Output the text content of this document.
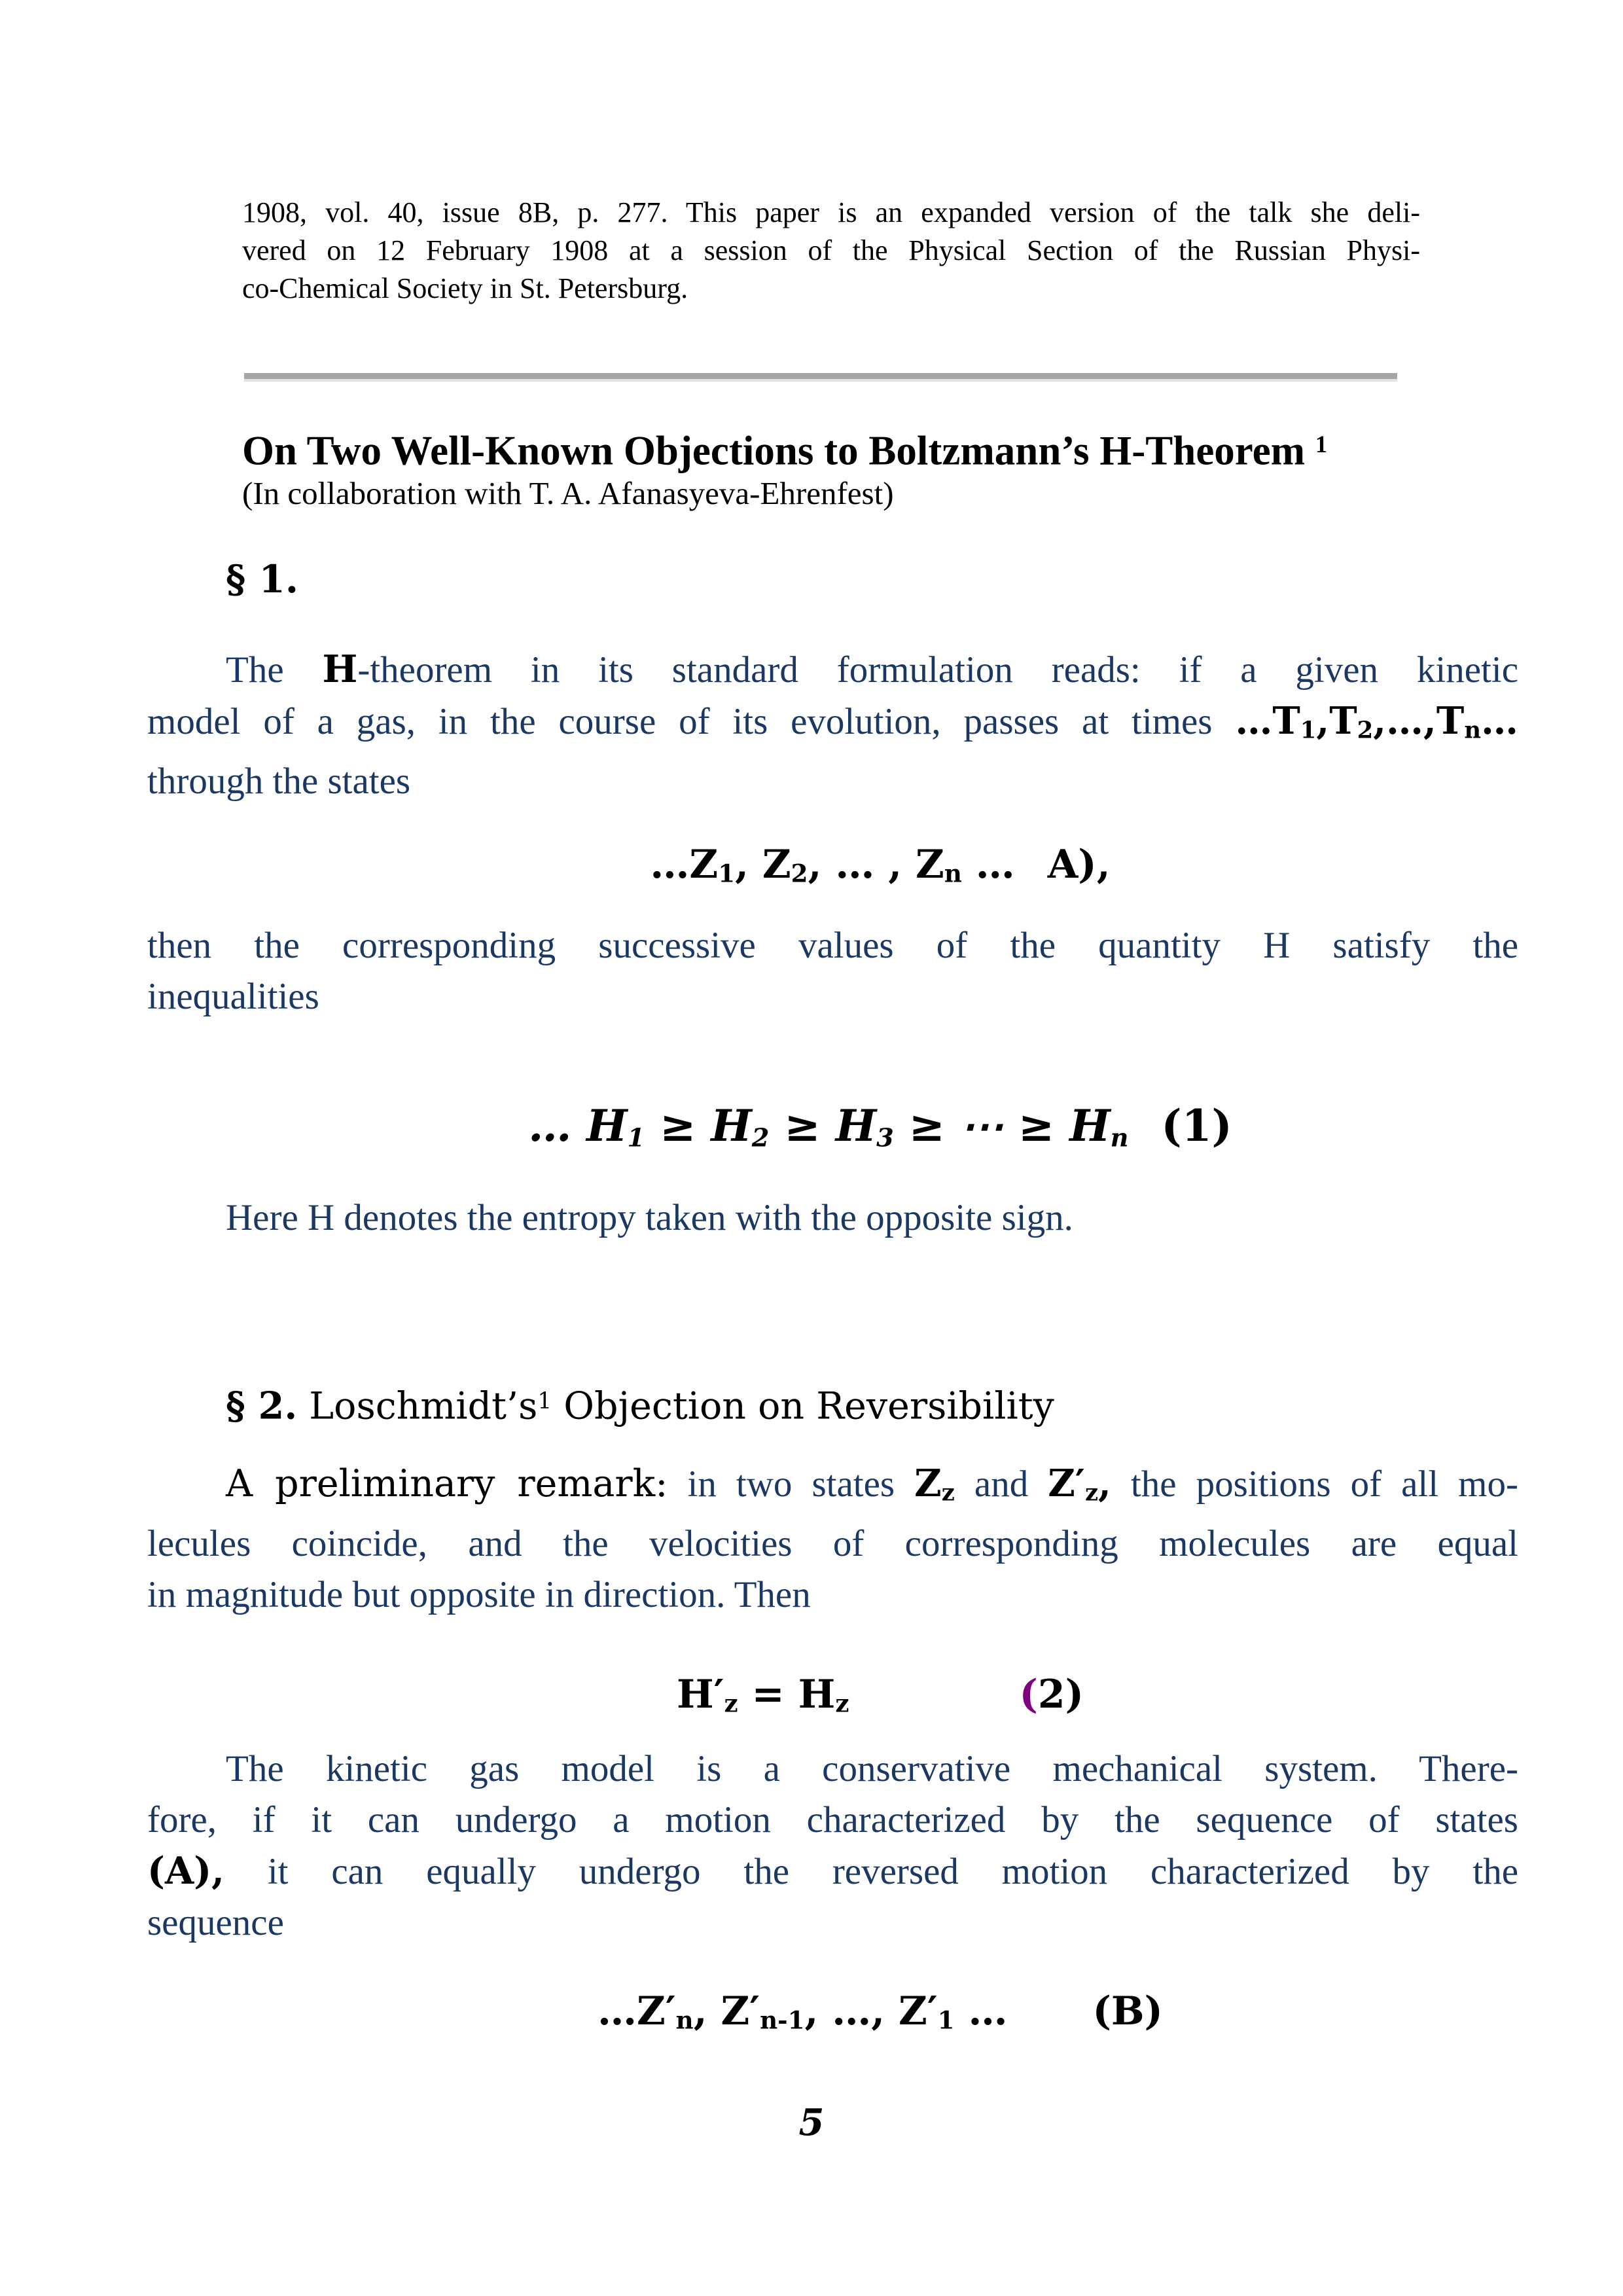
1908, vol. 40, issue 8B, p. 277. This paper is an expanded version of the talk she deli-
vered on 12 February 1908 at a session of the Physical Section of the Russian Physi-
co-Chemical Society in St. Petersburg.
On Two Well-Known Objections to Boltzmann’s H-Theorem $^1$
(In collaboration with T. A. Afanasyeva-Ehrenfest)
§ 1.
The H-theorem in its standard formulation reads: if a given kinetic
model of a gas, in the course of its evolution, passes at times …T1,T2,…,Tn…
through the states
…Z1, Z2, … , Zn … A),
then the corresponding successive values of the quantity H satisfy the
inequalities
… H1 ≥ H2 ≥ H3 ≥ ⋯ ≥ Hn (1)
Here H denotes the entropy taken with the opposite sign.
§ 2. $Loschmidt’s^1$ Objection on Reversibility
A preliminary remark: in two states Zz and Z′z, the positions of all mo-
lecules coincide, and the velocities of corresponding molecules are equal
in magnitude but opposite in direction. Then
H′z = Hz	(2)
The kinetic gas model is a conservative mechanical system. There-
fore, if it can undergo a motion characterized by the sequence of states
(A), it can equally undergo the reversed motion characterized by the
sequence
…Z′n, Z′n-1, …, Z′1 … (B)
5
